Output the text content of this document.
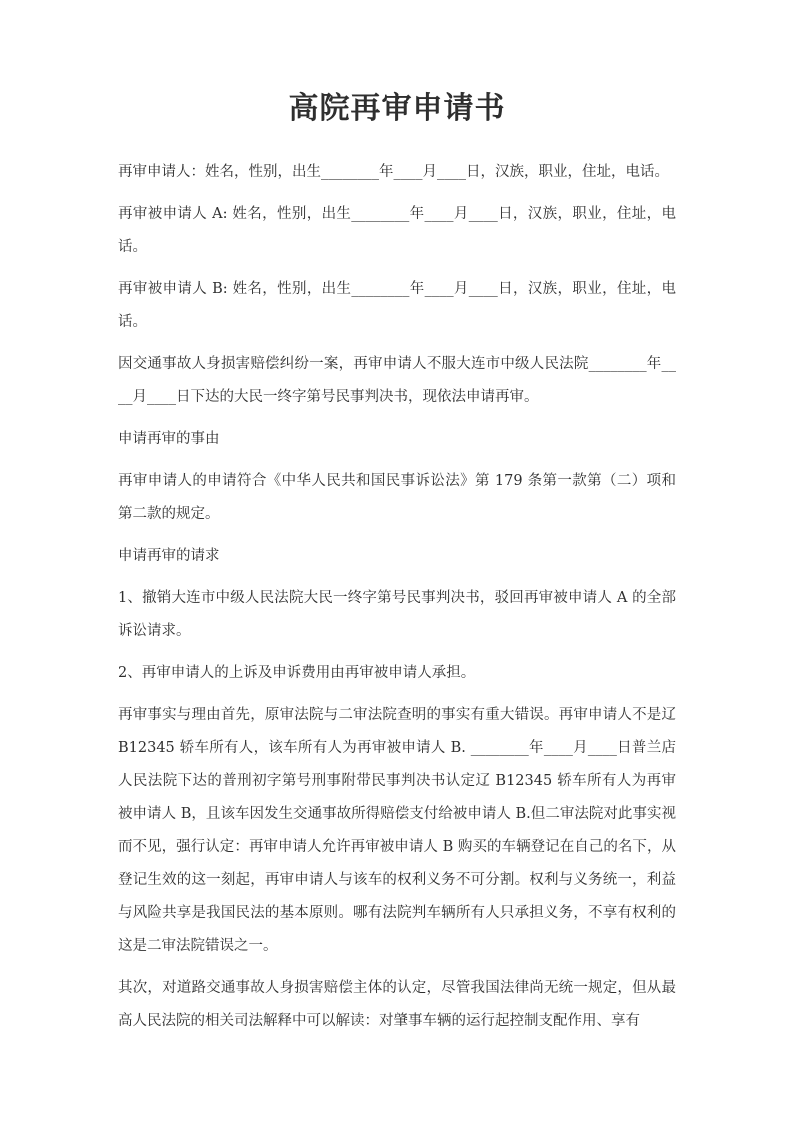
高院再审申请书

再审申请人：姓名，性别，出生________年____月____日，汉族，职业，住址，电话。

再审被申请人 A: 姓名，性别，出生________年____月____日，汉族，职业，住址，电话。

再审被申请人 B: 姓名，性别，出生________年____月____日，汉族，职业，住址，电话。

因交通事故人身损害赔偿纠纷一案，再审申请人不服大连市中级人民法院________年____月____日下达的大民一终字第号民事判决书，现依法申请再审。

申请再审的事由

再审申请人的申请符合《中华人民共和国民事诉讼法》第 179 条第一款第（二）项和第二款的规定。

申请再审的请求

1、撤销大连市中级人民法院大民一终字第号民事判决书，驳回再审被申请人 A 的全部诉讼请求。

2、再审申请人的上诉及申诉费用由再审被申请人承担。

再审事实与理由首先，原审法院与二审法院查明的事实有重大错误。再审申请人不是辽 B12345 轿车所有人，该车所有人为再审被申请人 B. ________年____月____日普兰店人民法院下达的普刑初字第号刑事附带民事判决书认定辽 B12345 轿车所有人为再审被申请人 B，且该车因发生交通事故所得赔偿支付给被申请人 B.但二审法院对此事实视而不见，强行认定：再审申请人允许再审被申请人 B 购买的车辆登记在自己的名下，从登记生效的这一刻起，再审申请人与该车的权利义务不可分割。权利与义务统一，利益与风险共享是我国民法的基本原则。哪有法院判车辆所有人只承担义务，不享有权利的这是二审法院错误之一。

其次，对道路交通事故人身损害赔偿主体的认定，尽管我国法律尚无统一规定，但从最高人民法院的相关司法解释中可以解读：对肇事车辆的运行起控制支配作用、享有
